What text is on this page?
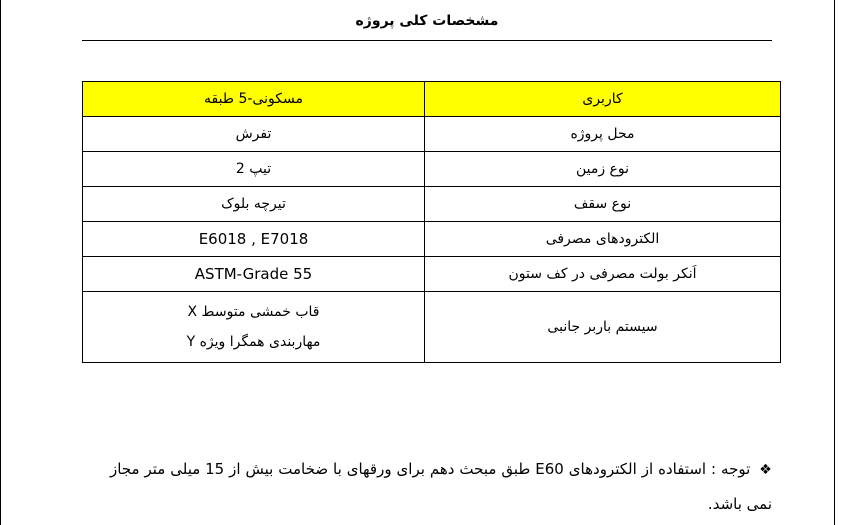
مشخصات کلی پروژه
کاربری	مسکونی-5 طبقه
محل پروژه	تفرش
نوع زمین	تیپ 2
نوع سقف	تیرچه بلوک
الکترودهای مصرفی	E6018 , E7018
اَنکر بولت مصرفی در کف ستون	ASTM-Grade 55
سیستم باربر جانبی	قاب خمشی متوسط X
مهاربندی همگرا ویژه Y
❖ توجه : استفاده از الکترودهای E60 طبق مبحث دهم برای ورقهای با ضخامت بیش از 15 میلی متر مجاز نمی باشد.
